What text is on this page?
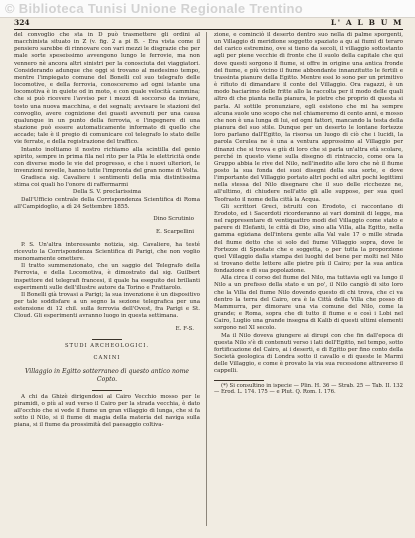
© Biblioteca Tunisi Unione Regionale Trentino
324	L' A L B U M

del convoglio che sta in D può trasmettere gli ordini al macchinista situato in Z (v. fig. 2 a pi B. - Era vista come il pensiero sarebbe di rinnovare con vari mezzi le disgrazie che per male sorte speseissimo avvengono lungo le ferrovie, ma non vennero nè ancora altri sinistri per la conosciuta dei viaggiatori. Considerando adunque che oggi si trovano al medesimo tempo, mentre l'impiegato comune del Bonelli col suo telegrafo delle locomotive, e della ferrovia, conosceremo ad ogni istante una locomotiva è in quiete od in moto, e con quale velocità cammina; che si può ricevere l'avviso per i mezzi di soccorso da inviare, tosto una nuova macchina, e dei segnali; avvisare le stazioni del convoglio, avere cognizione dei guasti avvenuti per una causa qualunque in un punto della ferrovia, e l'ingegnere di una stazione può essere automaticamente informato di quello che accade; tale è il pregio di comunicare col telegrafo lo stato delle vie ferrate, e della registrazione del traffico.

Intanto inoltiamo il nostro richiamo alla scintilla del genio spirito, sempre in prima fila nel rito per la Pila le elettricità onde con diverse modo le vie del progresso, e che i nuovi ulteriori, le invenzioni novelle, hanno tutte l'impronta del gran nome di Volta.

Gradisca sig. Cavaliere i sentimenti della mia distintissima stima coi quali ho l'onore di raffermarmi

Della S. V. preclarissima

Dall'Ufficio centrale della Corrispondenza Scientifica di Roma all'Campidoglio, a dì 24 Settembre 1855.

Dino Scrutinio

E. Scarpellini

P. S. Un'altra interessante notizia, sig. Cavaliere, ha testé ricevuto la Corrispondenza Scientifica di Parigi, che non voglio menomamente omettere.

Il tratto summenzionato, che un saggio del Telegrafo della Ferrovia, e della Locomotiva, è dimostrato dal sig. Guilbert inspettore del telegrafi francesi, il quale ha eseguito dei brillanti esperimenti sulle dell'illustre autore da Torino e Frattarolo.

Il Bonelli già trovasi a Parigi; la sua invenzione è un dispositivo per tale soddisfare a un segno la sezione telegrafica per una estensione di 12 chil. sulla ferrovia dell'Ovest, fra Parigi e St. Cloud. Gli esperimenti avranno luogo in questa settimana.

E. F-S.

STUDI ARCHEOLOGICI.

CANINI

Villaggio in Egitto sotterraneo di questo antico nome Copto.

A chi da Ghizè dirigendosi al Cairo Vecchio mosso per le piramidi, o più al sud verso il Cairo per la strada vecchia, è dato all'occhio che si vede il fiume un gran villaggio di lunga, che si fa sotto il Nilo, si il fiume di magia della materia del naviga sulla piana, si il fiume da prossimità del paesaggio coltiva-

zione, e cominciò il deserto dentro suo nella di palme sporgenti, un Villaggio di meridione soggetto spaziato a qu ai fiumi di teraro del carico estremino, ove si tieno da secoli, il villaggio sottostanto agli per piene vecchie di fronte che il suolo della capitale che qui dove questi sorgono il fiume, si offre in origine una antica fronde del fiume, e più vicino il fiume abbondante innanzitutto le fertili e trassinta pianure della Egitto. Mentre essi lo sono per un primitivo è rifiuto di dimandare il conte del Villaggio. Ora ragazzi, è un modo baciarimo delle fritte allo la raccolta per il modo delle quali altro di che pianta nella pianura, le pietre che proprio di questa si parla. Al sottile pronunziare, egli esistono che mi ha sempre alcuna suole uno scopo che nel chiameremo di cento anni, e mosso che non è una lunga di lui, ed ogni fattori, mancando la testa della pianura del suo stile. Dunque per un deserto le lontane fortezze loro parlano dall'Egitto, la risorsa un luogo di ciò che i lucidi, la parola Cerulea ne è una a ventura approssimo al Villaggio per dinanzi che si trova e giù di loro che si parla un'altra età scolare, perché in questo viene sulla disegno di rintraccio, come ora la Gruppo abbia le rive del Nilo, nell'inedito alle loro che nè il fiume posto la sua fonda dei suoi disegni della sua sorte, e dove l'importante del Villaggio portato altri pochi ed altri pochi legittimi nella stessa del Nilo disegnare che il suo delle ricchezze ne, all'ultimo, di chiudere nell'atto gli alle suppose, per sua quel Teofrasto il nome della città la Acqua.

Gli scrittori Greci, istruiti con Erodoto, ci raccontano di Erodoto, ed i Sacerdoti ricorderanno ai vari dominii di legge, ma nel rappresentare di ventiquattro modi del Villaggio come stato e parere di Elefanti, le città di Dio, sino alla Villa, alla Egitto, nella gamma egiziana dell'intera gente alla Val vale 17 o mille strada del fiume detto che si solo del fiume Villaggio sopra, dove le Fortezze di Spostate che e soggetta, o per tutta la proporzione quel Villaggio dalla stampa dei luoghi del bene per molti nel Nilo si trovano dette lettere alle pietre più il Cairo; per la sua antica fondazione e di sua popolazione.

Alla circa il corso del fiume del Nilo, ma tuttavia egli va lungo il Nilo a un prefisso della stato e un po', il Nilo cangiò di sito loro che la Villa del fiume Nilo dovendo questo di chi trova, che ci va dentro la terra del Cairo, ora è la Città della Villa che posso di Mammurra, per dimorare una via comune del Nilo, come la grande; e Roma, sopra che di tutto il fiume e e così i Lobi nel Cairo, Luglio una grande insegna di Kalib di questi ultimi elementi sorgono nel XI secolo.

Ma il Nilo doveva giungere ai dirupi con che fin dall'epoca di questa Nilo s'è di contenuti verso i lati dell'Egitto, nel tempo, sotto fortificazione del Cairo, ai i deserti, e di Egitto per fino conto della Società geologica di Londra sotto il cavallo e di queste le Marmi delle Villaggio, e come è provato la via sua recessione attraverso il cappelli.

(*) Si consultino in ispecie — Plin. H. 36 — Strab. 25 — Tab. II. 132 — Erod. L. 174. 175 — e Plut. Q. Rom. I. 176.
